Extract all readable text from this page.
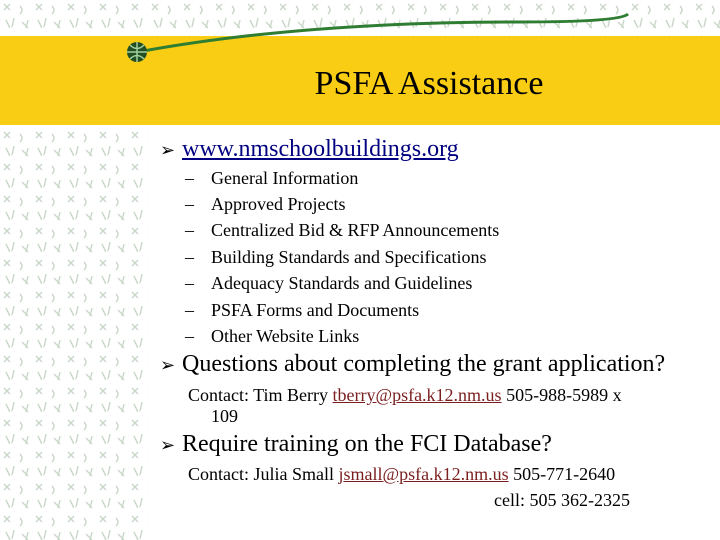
PSFA Assistance
➢ www.nmschoolbuildings.org
– General Information
– Approved Projects
– Centralized Bid & RFP Announcements
– Building Standards and Specifications
– Adequacy Standards and Guidelines
– PSFA Forms and Documents
– Other Website Links
➢ Questions about completing the grant application?
Contact: Tim Berry tberry@psfa.k12.nm.us 505-988-5989 x
109
➢ Require training on the FCI Database?
Contact: Julia Small jsmall@psfa.k12.nm.us 505-771-2640
cell: 505 362-2325
